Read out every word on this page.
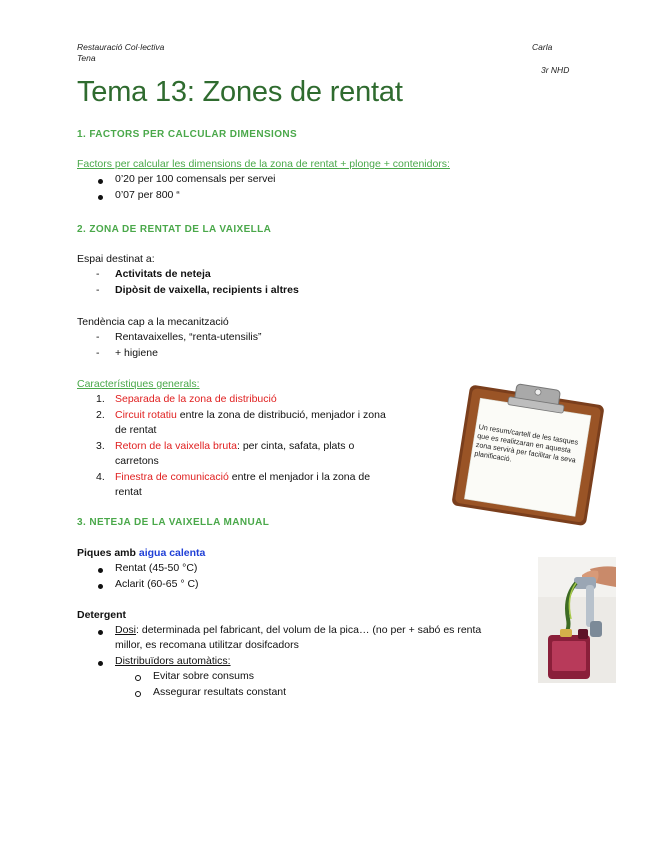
Restauració Col·lectiva
Tena
Carla
3r NHD
Tema 13: Zones de rentat
1. FACTORS PER CALCULAR DIMENSIONS
Factors per calcular les dimensions de la zona de rentat + plonge + contenidors:
0’20 per 100 comensals per servei
0’07 per 800 “
2. ZONA DE RENTAT DE LA VAIXELLA
Espai destinat a:
- Activitats de neteja
- Dipòsit de vaixella, recipients i altres
Tendència cap a la mecanització
- Rentavaixelles, “renta-utensilis”
- + higiene
Característiques generals:
1. Separada de la zona de distribució
2. Circuit rotatiu entre la zona de distribució, menjador i zona
de rentat
3. Retorn de la vaixella bruta: per cinta, safata, plats o
carretons
4. Finestra de comunicació entre el menjador i la zona de
rentat
Un resum/cartell de les tasques que es realitzaran en aquesta zona servirà per facilitar la seva planificació.
3. NETEJA DE LA VAIXELLA MANUAL
Piques amb aigua calenta
Rentat (45-50 °C)
Aclarit (60-65 ° C)
Detergent
Dosi: determinada pel fabricant, del volum de la pica… (no per + sabó es renta
millor, es recomana utilitzar dosifcadors
Distribuïdors automàtics:
Evitar sobre consums
Assegurar resultats constant
